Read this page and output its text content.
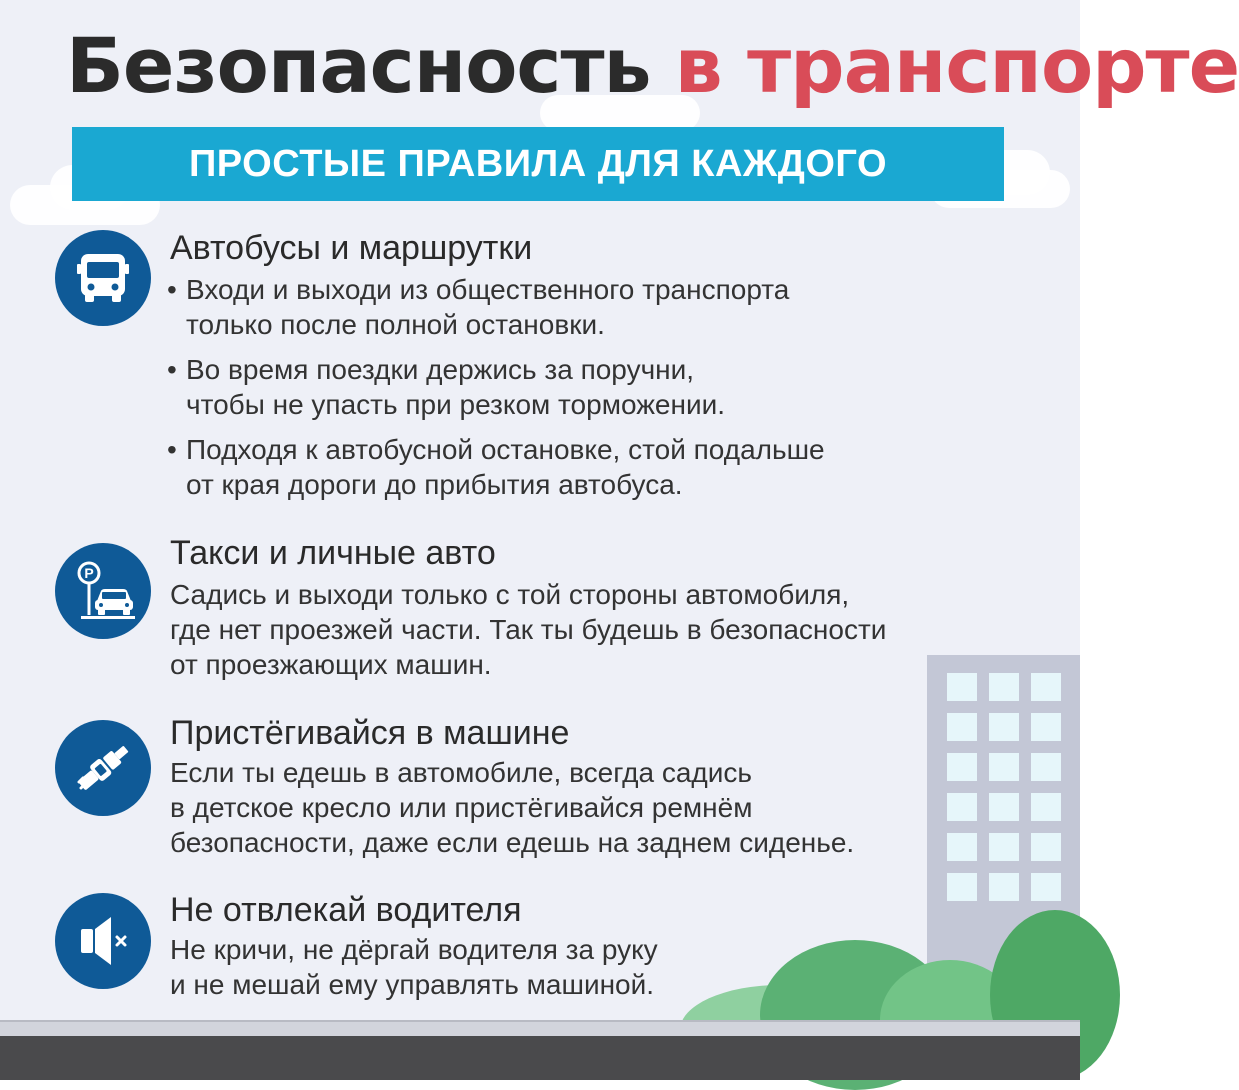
Безопасность в транспорте
ПРОСТЫЕ ПРАВИЛА ДЛЯ КАЖДОГО

Автобусы и маршрутки

• Входи и выходи из общественного транспорта
только после полной остановки.
• Во время поездки держись за поручни,
чтобы не упасть при резком торможении.
• Подходя к автобусной остановке, стой подальше
от края дороги до прибытия автобуса.
P

Такси и личные авто

Садись и выходи только с той стороны автомобиля,
где нет проезжей части. Так ты будешь в безопасности
от проезжающих машин.

Пристёгивайся в машине

Если ты едешь в автомобиле, всегда садись
в детское кресло или пристёгивайся ремнём
безопасности, даже если едешь на заднем сиденье.

Не отвлекай водителя

Не кричи, не дёргай водителя за руку
и не мешай ему управлять машиной.
